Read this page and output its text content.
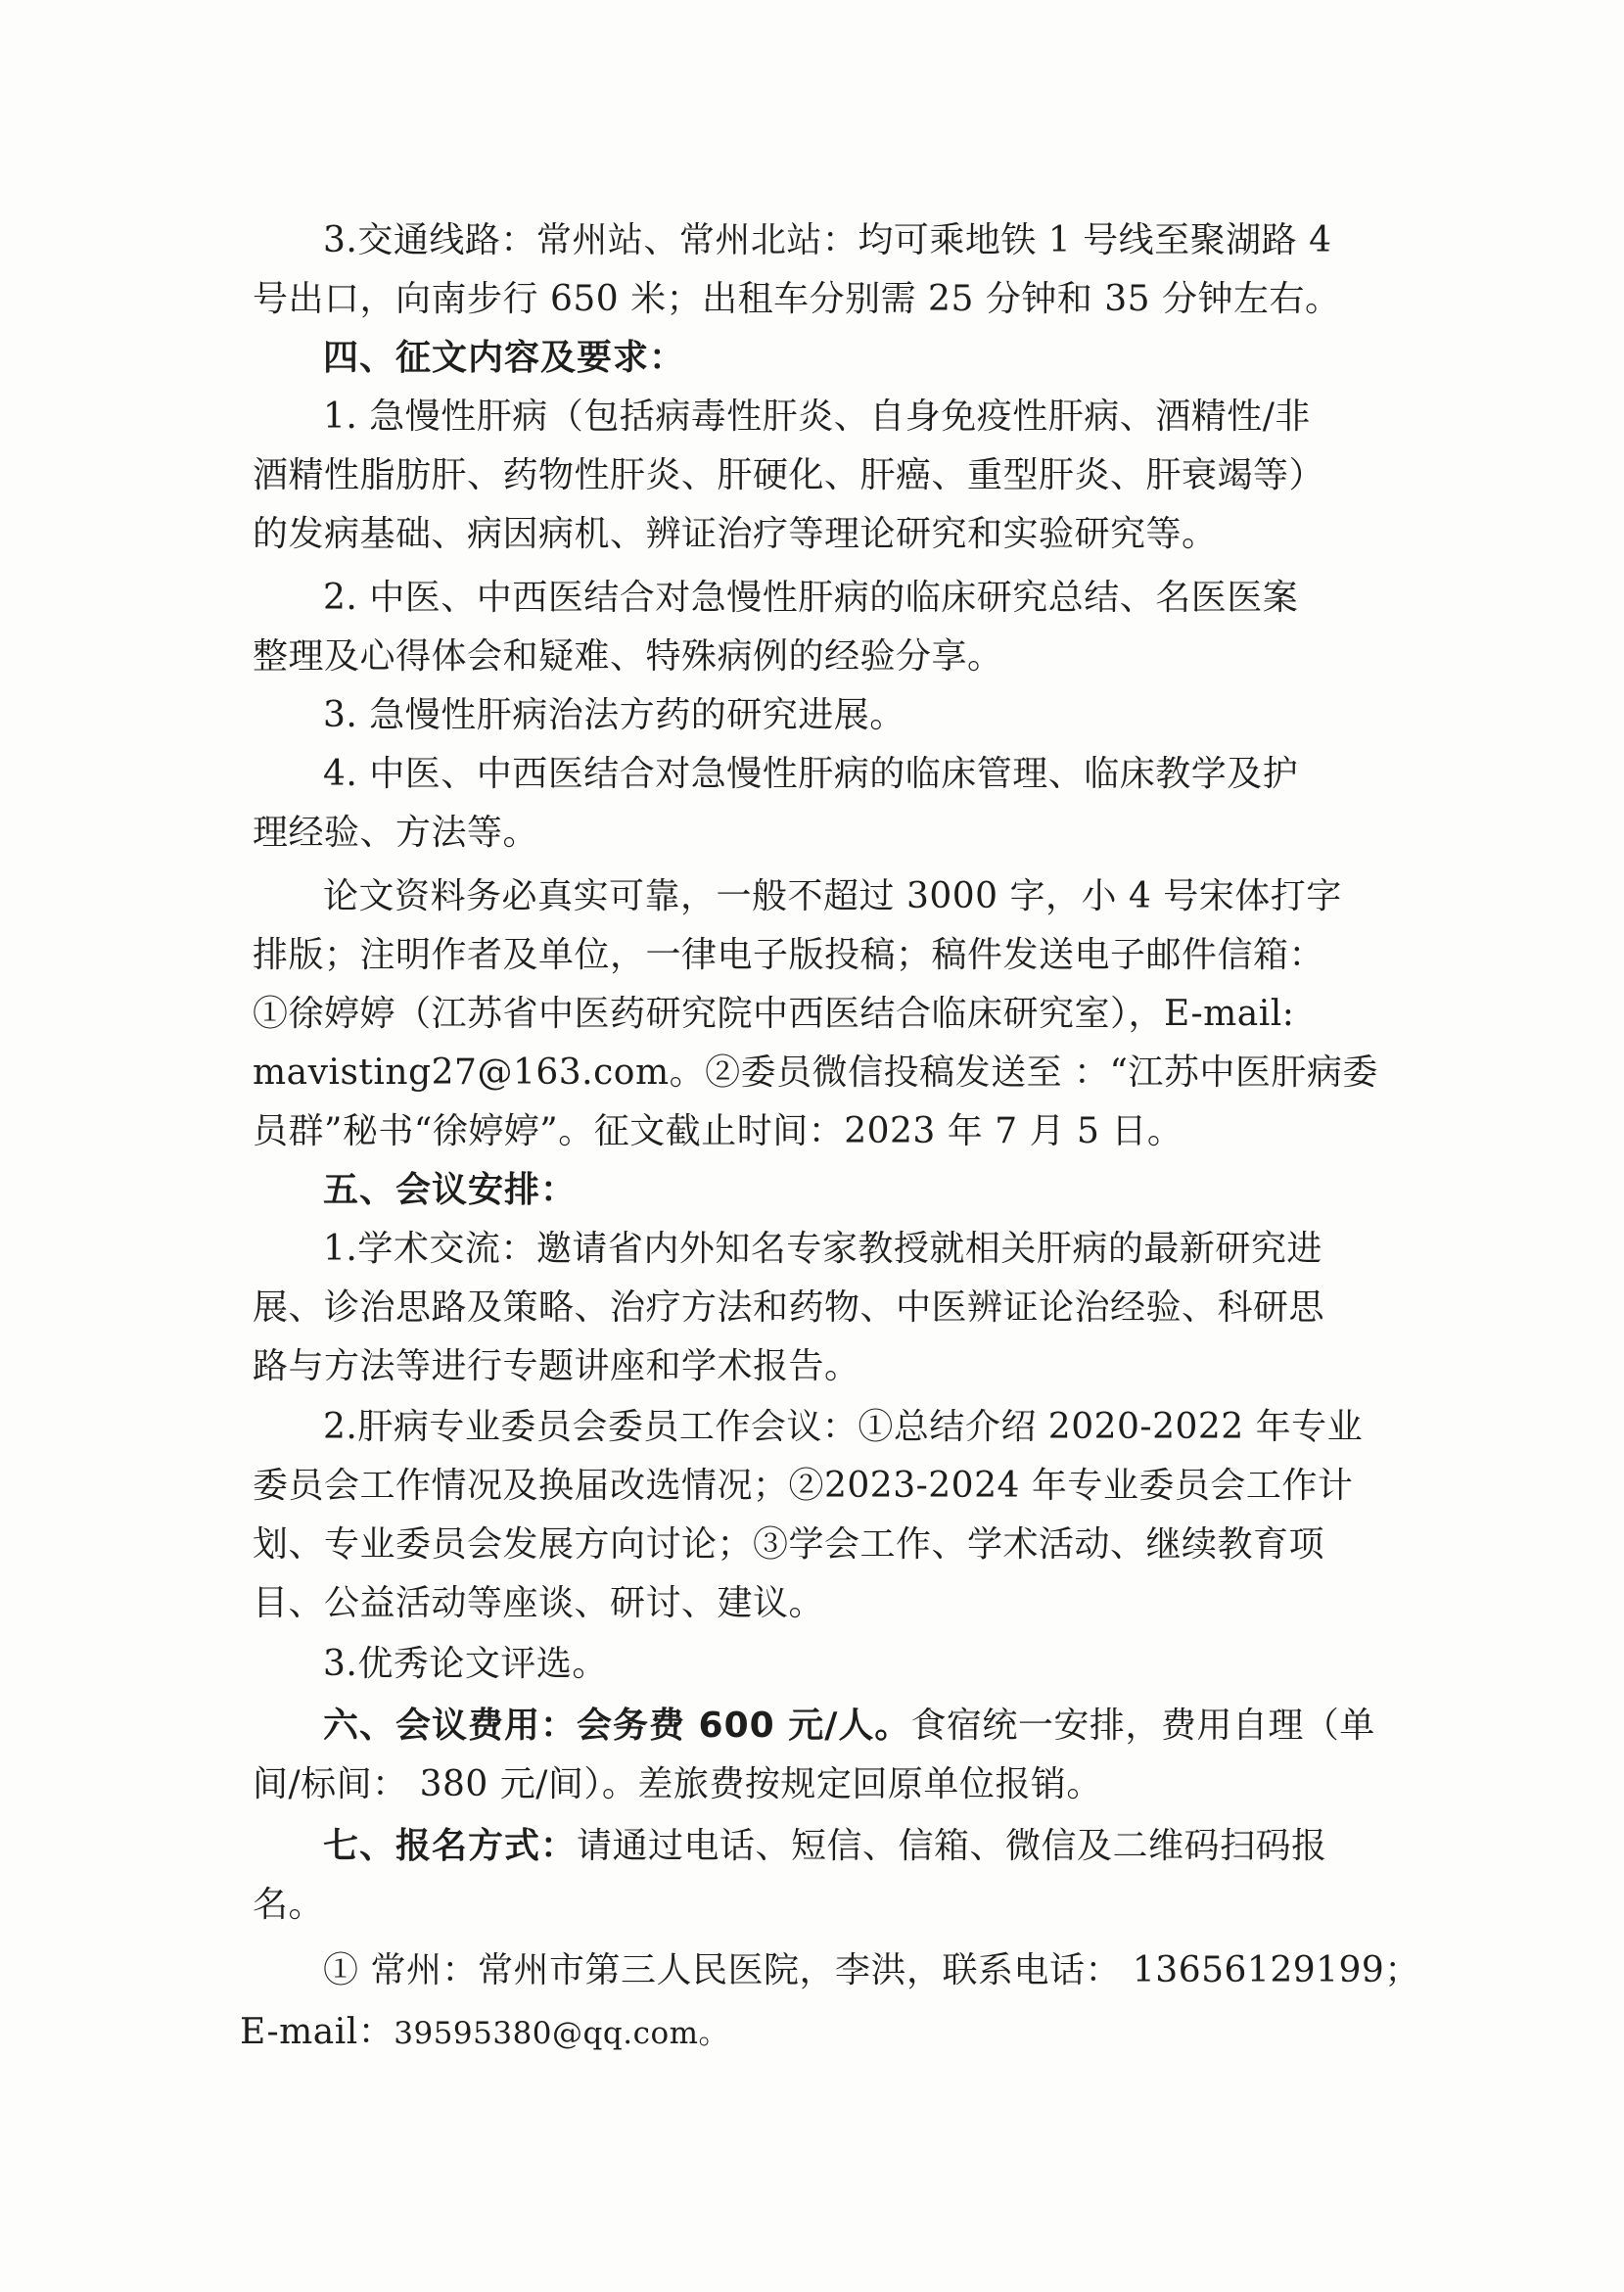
3.交通线路：常州站、常州北站：均可乘地铁 1 号线至聚湖路 4

号出口，向南步行 650 米；出租车分别需 25 分钟和 35 分钟左右。

四、征文内容及要求：

1. 急慢性肝病（包括病毒性肝炎、自身免疫性肝病、酒精性/非

酒精性脂肪肝、药物性肝炎、肝硬化、肝癌、重型肝炎、肝衰竭等）

的发病基础、病因病机、辨证治疗等理论研究和实验研究等。

2. 中医、中西医结合对急慢性肝病的临床研究总结、名医医案

整理及心得体会和疑难、特殊病例的经验分享。

3. 急慢性肝病治法方药的研究进展。

4. 中医、中西医结合对急慢性肝病的临床管理、临床教学及护

理经验、方法等。

论文资料务必真实可靠，一般不超过 3000 字，小 4 号宋体打字

排版；注明作者及单位，一律电子版投稿；稿件发送电子邮件信箱：

①徐婷婷（江苏省中医药研究院中西医结合临床研究室），E-mail:

mavisting27@163.com。②委员微信投稿发送至 ：“江苏中医肝病委

员群”秘书“徐婷婷”。征文截止时间：2023 年 7 月 5 日。

五、会议安排：

1.学术交流：邀请省内外知名专家教授就相关肝病的最新研究进

展、诊治思路及策略、治疗方法和药物、中医辨证论治经验、科研思

路与方法等进行专题讲座和学术报告。

2.肝病专业委员会委员工作会议：①总结介绍 2020-2022 年专业

委员会工作情况及换届改选情况；②2023-2024 年专业委员会工作计

划、专业委员会发展方向讨论；③学会工作、学术活动、继续教育项

目、公益活动等座谈、研讨、建议。

3.优秀论文评选。

六、会议费用：会务费 600 元/人。食宿统一安排，费用自理（单

间/标间： 380 元/间）。差旅费按规定回原单位报销。

七、报名方式：请通过电话、短信、信箱、微信及二维码扫码报

名。

① 常州：常州市第三人民医院，李洪，联系电话： 13656129199；

E-mail：39595380@qq.com。
